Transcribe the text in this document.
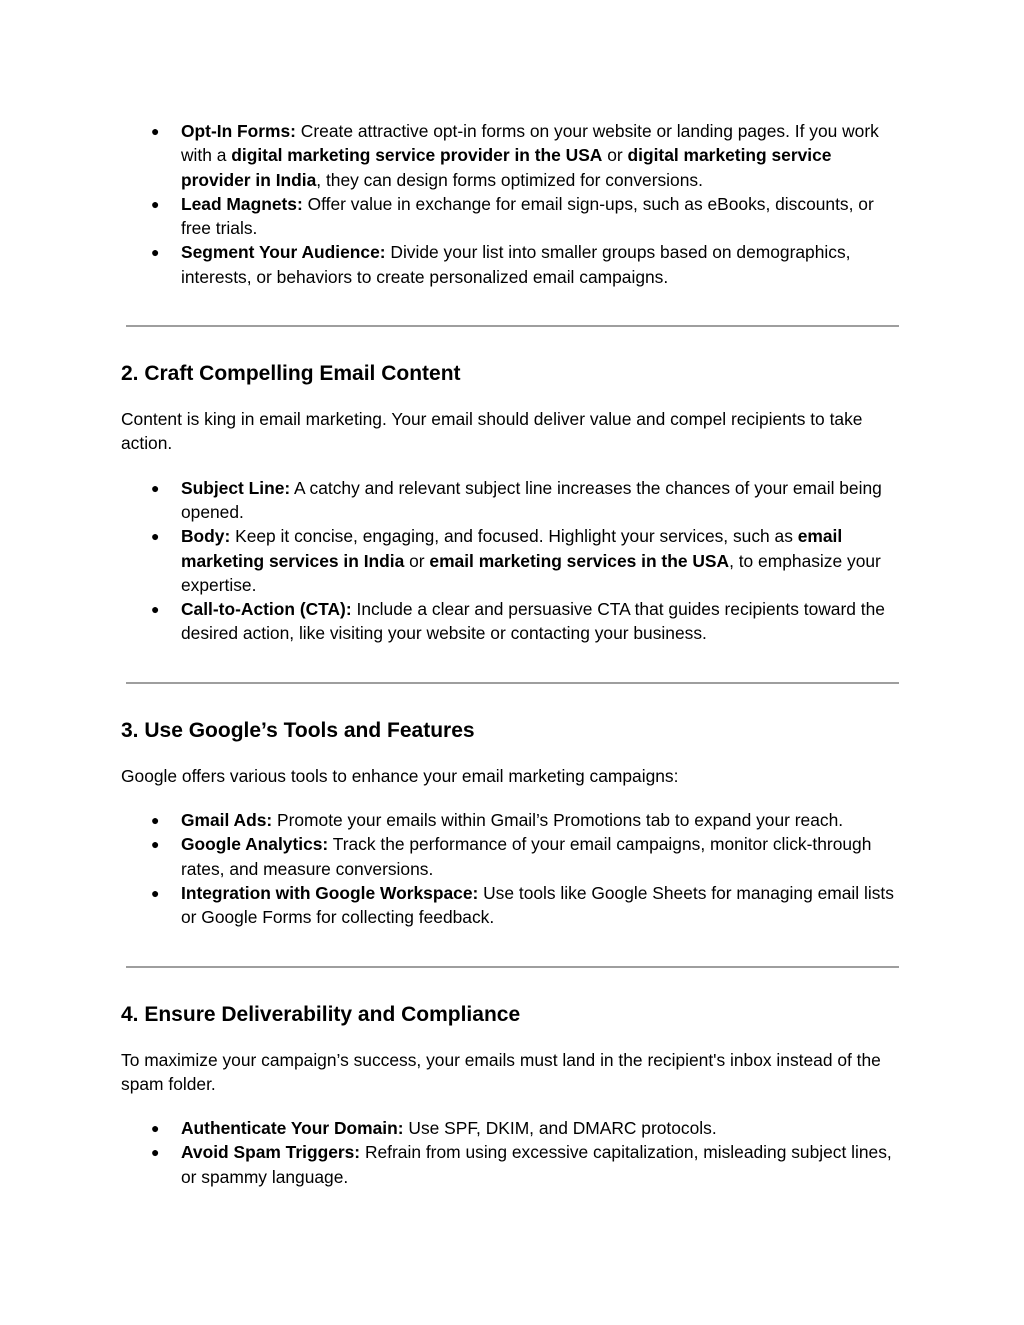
● Opt-In Forms: Create attractive opt-in forms on your website or landing pages. If you work with a digital marketing service provider in the USA or digital marketing service provider in India, they can design forms optimized for conversions.
● Lead Magnets: Offer value in exchange for email sign-ups, such as eBooks, discounts, or free trials.
● Segment Your Audience: Divide your list into smaller groups based on demographics, interests, or behaviors to create personalized email campaigns.
2. Craft Compelling Email Content

Content is king in email marketing. Your email should deliver value and compel recipients to take action.

● Subject Line: A catchy and relevant subject line increases the chances of your email being opened.
● Body: Keep it concise, engaging, and focused. Highlight your services, such as email marketing services in India or email marketing services in the USA, to emphasize your expertise.
● Call-to-Action (CTA): Include a clear and persuasive CTA that guides recipients toward the desired action, like visiting your website or contacting your business.
3. Use Google’s Tools and Features

Google offers various tools to enhance your email marketing campaigns:

● Gmail Ads: Promote your emails within Gmail’s Promotions tab to expand your reach.
● Google Analytics: Track the performance of your email campaigns, monitor click-through rates, and measure conversions.
● Integration with Google Workspace: Use tools like Google Sheets for managing email lists or Google Forms for collecting feedback.
4. Ensure Deliverability and Compliance

To maximize your campaign’s success, your emails must land in the recipient's inbox instead of the spam folder.

● Authenticate Your Domain: Use SPF, DKIM, and DMARC protocols.
● Avoid Spam Triggers: Refrain from using excessive capitalization, misleading subject lines, or spammy language.
